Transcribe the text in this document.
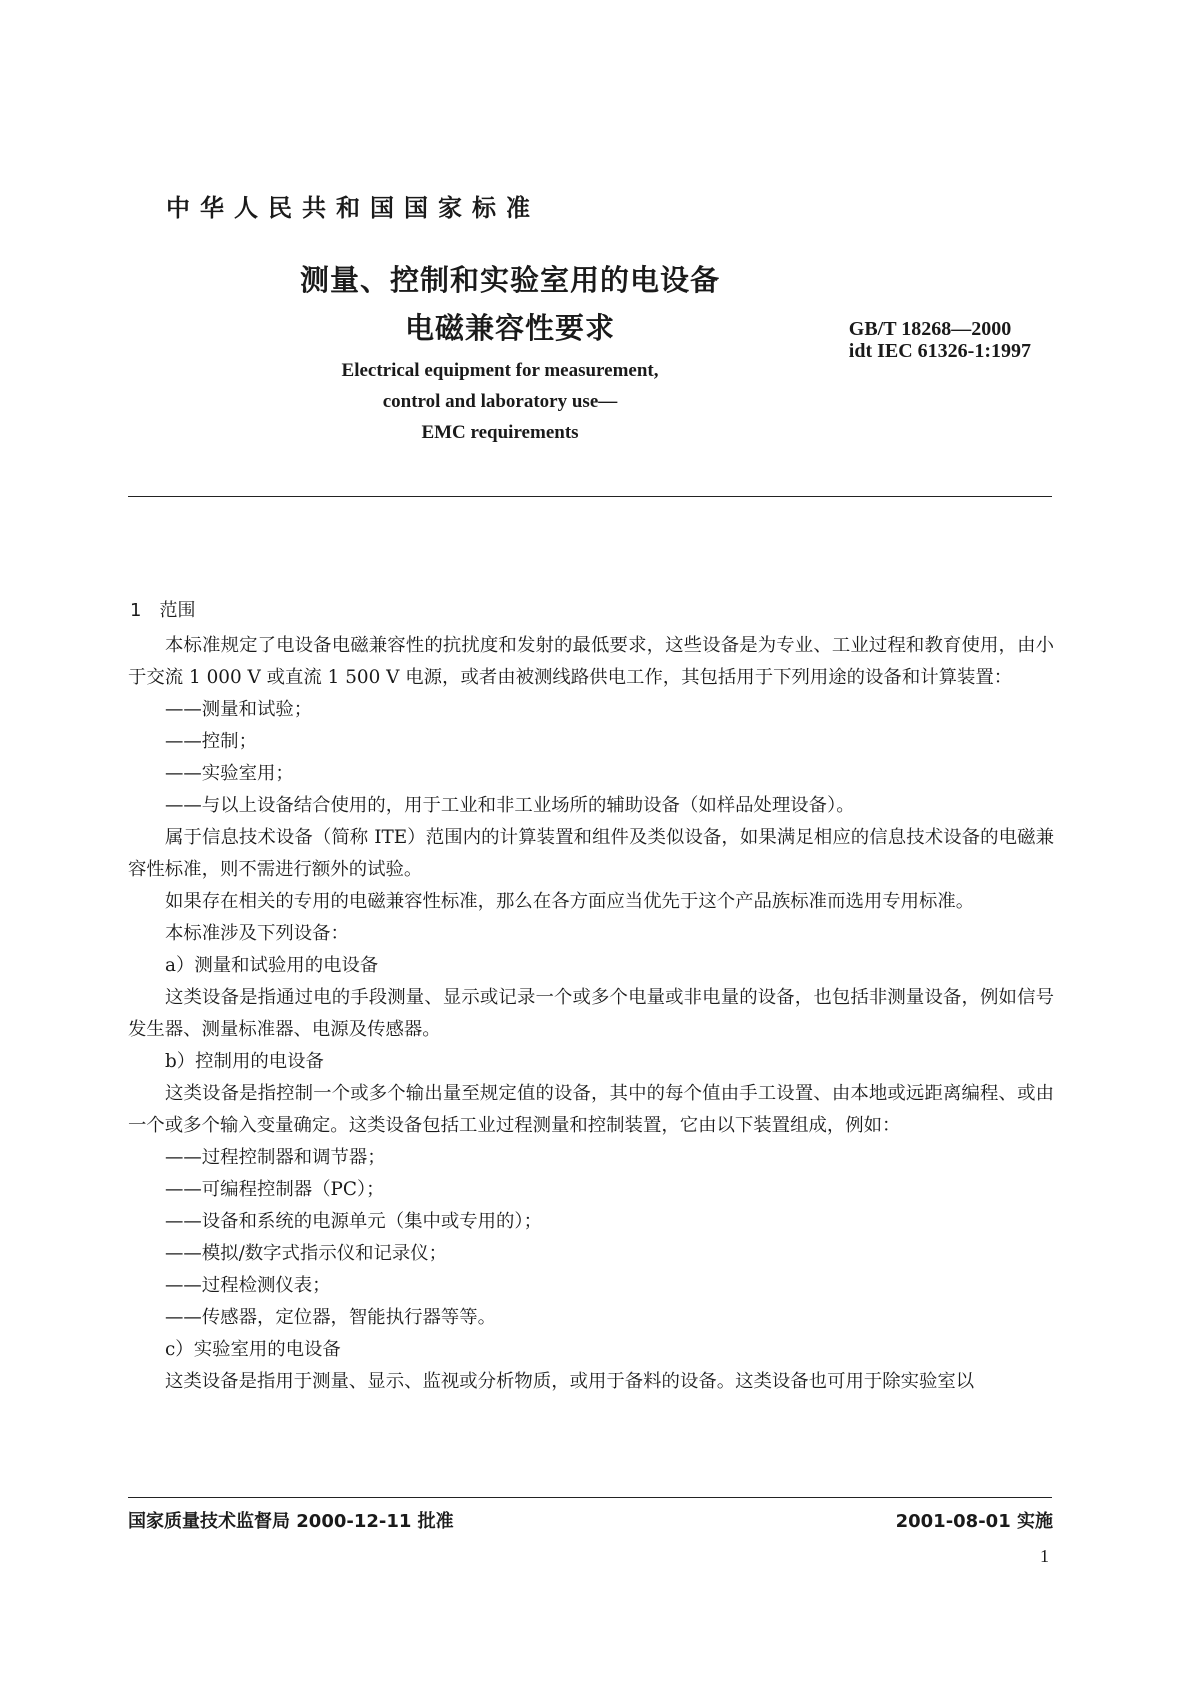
中华人民共和国国家标准
测量、控制和实验室用的电设备
电磁兼容性要求	GB/T 18268—2000
idt IEC 61326-1:1997
Electrical equipment for measurement,
control and laboratory use—
EMC requirements
1 范围

本标准规定了电设备电磁兼容性的抗扰度和发射的最低要求，这些设备是为专业、工业过程和教育使用，由小于交流 1 000 V 或直流 1 500 V 电源，或者由被测线路供电工作，其包括用于下列用途的设备和计算装置：

——测量和试验；

——控制；

——实验室用；

——与以上设备结合使用的，用于工业和非工业场所的辅助设备（如样品处理设备）。

属于信息技术设备（简称 ITE）范围内的计算装置和组件及类似设备，如果满足相应的信息技术设备的电磁兼容性标准，则不需进行额外的试验。

如果存在相关的专用的电磁兼容性标准，那么在各方面应当优先于这个产品族标准而选用专用标准。

本标准涉及下列设备：

a）测量和试验用的电设备

这类设备是指通过电的手段测量、显示或记录一个或多个电量或非电量的设备，也包括非测量设备，例如信号发生器、测量标准器、电源及传感器。

b）控制用的电设备

这类设备是指控制一个或多个输出量至规定值的设备，其中的每个值由手工设置、由本地或远距离编程、或由一个或多个输入变量确定。这类设备包括工业过程测量和控制装置，它由以下装置组成，例如：

——过程控制器和调节器；

——可编程控制器（PC）；

——设备和系统的电源单元（集中或专用的）；

——模拟/数字式指示仪和记录仪；

——过程检测仪表；

——传感器，定位器，智能执行器等等。

c）实验室用的电设备

这类设备是指用于测量、显示、监视或分析物质，或用于备料的设备。这类设备也可用于除实验室以

国家质量技术监督局 2000-12-11 批准	2001-08-01 实施
1
